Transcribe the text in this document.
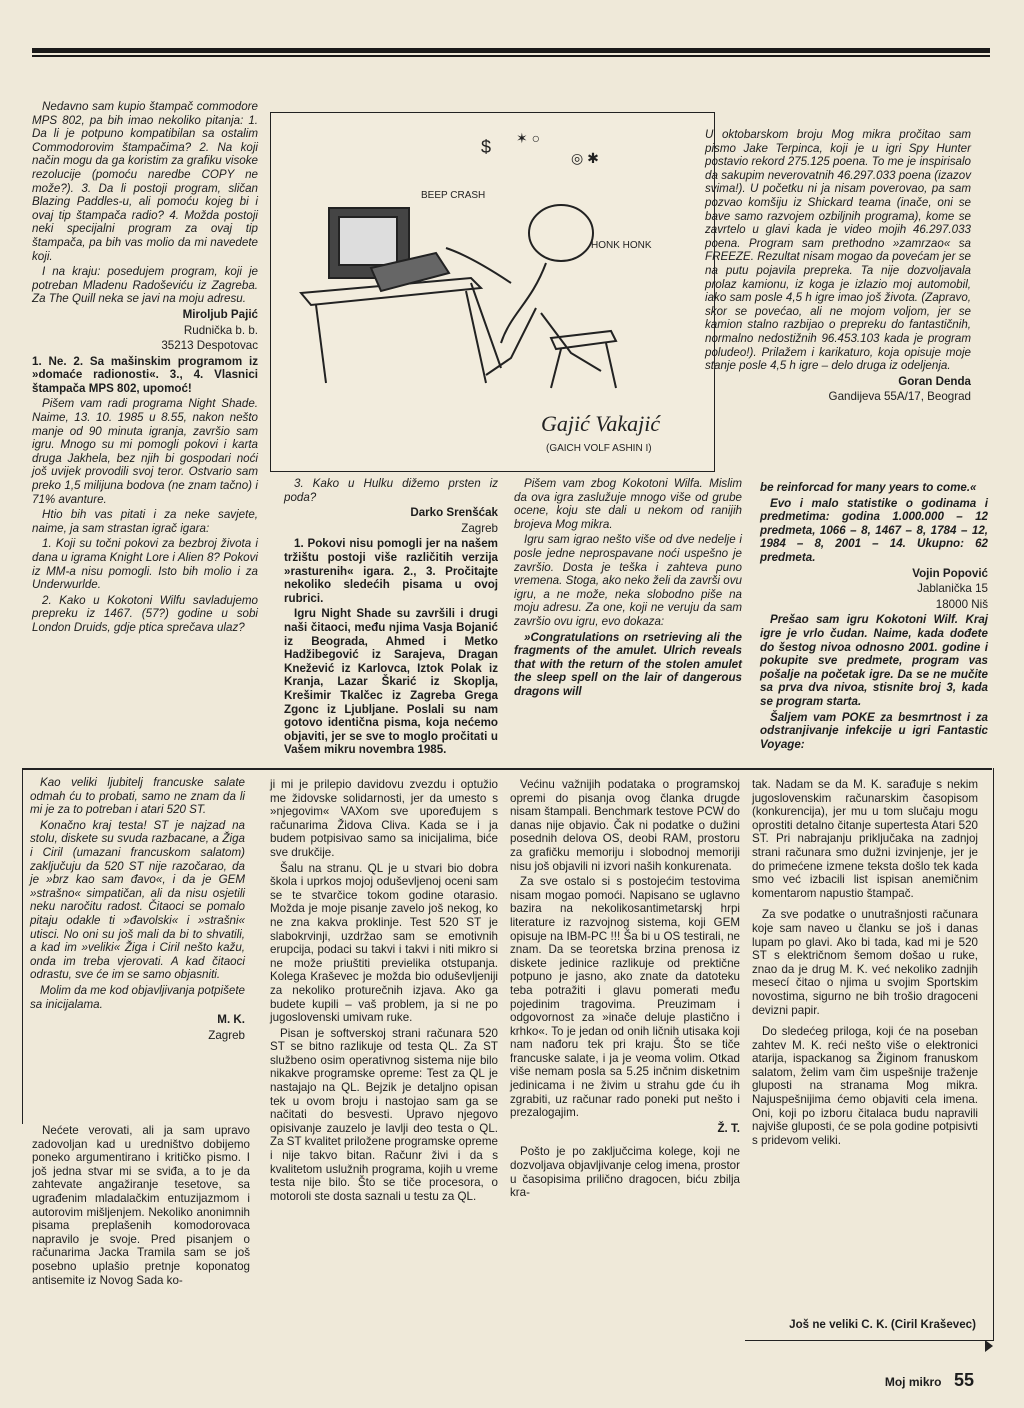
Nedavno sam kupio štampač commodore MPS 802, pa bih imao nekoliko pitanja: 1. Da li je potpuno kompatibilan sa ostalim Commodorovim štampačima? 2. Na koji način mogu da ga koristim za grafiku visoke rezolucije (pomoću naredbe COPY ne može?). 3. Da li postoji program, sličan Blazing Paddles-u, ali pomoću kojeg bi i ovaj tip štampača radio? 4. Možda postoji neki specijalni program za ovaj tip štampača, pa bih vas molio da mi navedete koji.

I na kraju: posedujem program, koji je potreban Mladenu Radoševiću iz Zagreba. Za The Quill neka se javi na moju adresu.

Miroljub Pajić

Rudnička b. b.

35213 Despotovac

1. Ne. 2. Sa mašinskim programom iz »domaće radionosti«. 3., 4. Vlasnici štampača MPS 802, upomoć!

Pišem vam radi programa Night Shade. Naime, 13. 10. 1985 u 8.55, nakon nešto manje od 90 minuta igranja, završio sam igru. Mnogo su mi pomogli pokovi i karta druga Jakhela, bez njih bi gospodari noći još uvijek provodili svoj teror. Ostvario sam preko 1,5 milijuna bodova (ne znam tačno) i 71% avanture.

Htio bih vas pitati i za neke savjete, naime, ja sam strastan igrač igara:

1. Koji su točni pokovi za bezbroj života i dana u igrama Knight Lore i Alien 8? Pokovi iz MM-a nisu pomogli. Isto bih molio i za Underwurlde.

2. Kako u Kokotoni Wilfu savladujemo prepreku iz 1467. (57?) godine u sobi London Druids, gdje ptica sprečava ulaz?

$ ✶ ○
◎ ✱
BEEP CRASH
HONK HONK
Gajić Vakajić
(GAICH VOLF ASHIN I)

U oktobarskom broju Mog mikra pročitao sam pismo Jake Terpinca, koji je u igri Spy Hunter postavio rekord 275.125 poena. To me je inspirisalo da sakupim neverovatnih 46.297.033 poena (izazov svima!). U početku ni ja nisam poverovao, pa sam pozvao komšiju iz Shickard teama (inače, oni se bave samo razvojem ozbiljnih programa), kome se zavrtelo u glavi kada je video mojih 46.297.033 poena. Program sam prethodno »zamrzao« sa FREEZE. Rezultat nisam mogao da povećam jer se na putu pojavila prepreka. Ta nije dozvoljavala prolaz kamionu, iz koga je izlazio moj automobil, iako sam posle 4,5 h igre imao još života. (Zapravo, skor se povećao, ali ne mojom voljom, jer se kamion stalno razbijao o prepreku do fantastičnih, normalno nedostižnih 96.453.103 kada je program poludeo!). Prilažem i karikaturo, koja opisuje moje stanje posle 4,5 h igre – delo druga iz odeljenja.

Goran Denda

Gandijeva 55A/17, Beograd

3. Kako u Hulku dižemo prsten iz poda?

Darko Srenšćak

Zagreb

1. Pokovi nisu pomogli jer na našem tržištu postoji više različitih verzija »rasturenih« igara. 2., 3. Pročitajte nekoliko sledećih pisama u ovoj rubrici.

Igru Night Shade su završili i drugi naši čitaoci, među njima Vasja Bojanić iz Beograda, Ahmed i Metko Hadžibegović iz Sarajeva, Dragan Knežević iz Karlovca, Iztok Polak iz Kranja, Lazar Škarić iz Skoplja, Krešimir Tkalčec iz Zagreba Grega Zgonc iz Ljubljane. Poslali su nam gotovo identična pisma, koja nećemo objaviti, jer se sve to moglo pročitati u Vašem mikru novembra 1985.

Pišem vam zbog Kokotoni Wilfa. Mislim da ova igra zaslužuje mnogo više od grube ocene, koju ste dali u nekom od ranijih brojeva Mog mikra.

Igru sam igrao nešto više od dve nedelje i posle jedne neprospavane noći uspešno je završio. Dosta je teška i zahteva puno vremena. Stoga, ako neko želi da završi ovu igru, a ne može, neka slobodno piše na moju adresu. Za one, koji ne veruju da sam završio ovu igru, evo dokaza:

»Congratulations on rsetrieving ali the fragments of the amulet. Ulrich reveals that with the return of the stolen amulet the sleep spell on the lair of dangerous dragons will

be reinforcad for many years to come.«

Evo i malo statistike o godinama i predmetima: godina 1.000.000 – 12 predmeta, 1066 – 8, 1467 – 8, 1784 – 12, 1984 – 8, 2001 – 14. Ukupno: 62 predmeta.

Vojin Popović

Jablanička 15

18000 Niš

Prešao sam igru Kokotoni Wilf. Kraj igre je vrlo čudan. Naime, kada dođete do šestog nivoa odnosno 2001. godine i pokupite sve predmete, program vas pošalje na početak igre. Da se ne mučite sa prva dva nivoa, stisnite broj 3, kada se program starta.

Šaljem vam POKE za besmrtnost i za odstranjivanje infekcije u igri Fantastic Voyage:

Kao veliki ljubitelj francuske salate odmah ću to probati, samo ne znam da li mi je za to potreban i atari 520 ST.

Konačno kraj testa! ST je najzad na stolu, diskete su svuda razbacane, a Žiga i Ciril (umazani francuskom salatom) zaključuju da 520 ST nije razočarao, da je »brz kao sam đavo«, i da je GEM »strašno« simpatičan, ali da nisu osjetili neku naročitu radost. Čitaoci se pomalo pitaju odakle ti »đavolski« i »strašni« utisci. No oni su još mali da bi to shvatili, a kad im »veliki« Žiga i Ciril nešto kažu, onda im treba vjerovati. A kad čitaoci odrastu, sve će im se samo objasniti.

Molim da me kod objavljivanja potpišete sa inicijalama.

M. K.

Zagreb

Nećete verovati, ali ja sam upravo zadovoljan kad u uredništvo dobijemo poneko argumentirano i kritičko pismo. I još jedna stvar mi se sviđa, a to je da zahtevate angažiranje tesetove, sa ugrađenim mladalačkim entuzijazmom i autorovim mišljenjem. Nekoliko anonimnih pisama preplašenih komodorovaca napravilo je svoje. Pred pisanjem o računarima Jacka Tramila sam se još posebno uplašio pretnje koponatog antisemite iz Novog Sada ko-

ji mi je prilepio davidovu zvezdu i optužio me židovske solidarnosti, jer da umesto s »njegovim« VAXom sve upoređujem s računarima Židova Cliva. Kada se i ja budem potpisivao samo sa inicijalima, biće sve drukčije.

Šalu na stranu. QL je u stvari bio dobra škola i uprkos mojoj oduševljenoj oceni sam se te stvarčice tokom godine otarasio. Možda je moje pisanje zavelo još nekog, ko ne zna kakva proklinje. Test 520 ST je slabokrvinji, uzdržao sam se emotivnih erupcija, podaci su takvi i takvi i niti mikro si ne može priuštiti previelika otstupanja. Kolega Kraševec je možda bio oduševljeniji za nekoliko proturečnih izjava. Ako ga budete kupili – vaš problem, ja si ne po jugoslovenski umivam ruke.

Pisan je softverskoj strani računara 520 ST se bitno razlikuje od testa QL. Za ST službeno osim operativnog sistema nije bilo nikakve programske opreme: Test za QL je nastajajo na QL. Bejzik je detaljno opisan tek u ovom broju i nastojao sam ga se načitati do besvesti. Upravo njegovo opisivanje zauzelo je lavlji deo testa o QL. Za ST kvalitet priložene programske opreme i nije takvo bitan. Računr živi i da s kvalitetom uslužnih programa, kojih u vreme testa nije bilo. Što se tiče procesora, o motoroli ste dosta saznali u testu za QL.

Većinu važnijih podataka o programskoj opremi do pisanja ovog članka drugde nisam štampali. Benchmark testove PCW do danas nije objavio. Čak ni podatke o dužini posednih delova OS, deobi RAM, prostoru za grafičku memoriju i slobodnoj memoriji nisu još objavili ni izvori naših konkurenata.

Za sve ostalo si s postojećim testovima nisam mogao pomoći. Napisano se uglavno bazira na nekolikosantimetarskj hrpi literature iz razvojnog sistema, koji GEM opisuje na IBM-PC !!! Ša bi u OS testirali, ne znam. Da se teoretska brzina prenosa iz diskete jedinice razlikuje od prektične potpuno je jasno, ako znate da datoteku teba potražiti i glavu pomerati među pojedinim tragovima. Preuzimam i odgovornost za »inače deluje plastično i krhko«. To je jedan od onih ličnih utisaka koji nam nađoru tek pri kraju. Što se tiče francuske salate, i ja je veoma volim. Otkad više nemam posla sa 5.25 inčnim disketnim jedinicama i ne živim u strahu gde ću ih zgrabiti, uz računar rado poneki put nešto i prezalogajim.

Ž. T.

Pošto je po zaključcima kolege, koji ne dozvoljava objavljivanje celog imena, prostor u časopisima prilično dragocen, biću zbilja kra-

tak. Nadam se da M. K. sarađuje s nekim jugoslovenskim računarskim časopisom (konkurencija), jer mu u tom slučaju mogu oprostiti detalno čitanje supertesta Atari 520 ST. Pri nabrajanju priključaka na zadnjoj strani računara smo dužni izvinjenje, jer je do primećene izmene teksta došlo tek kada smo već izbacili list ispisan anemičnim komentarom napustio štampač.

Za sve podatke o unutrašnjosti računara koje sam naveo u članku se još i danas lupam po glavi. Ako bi tada, kad mi je 520 ST s električnom šemom došao u ruke, znao da je drug M. K. već nekoliko zadnjih mesecí čitao o njima u svojim Sportskim novostima, sigurno ne bih trošio dragoceni devizni papir.

Do sledećeg priloga, koji će na poseban zahtev M. K. reći nešto više o elektronici atarija, ispackanog sa Žiginom franuskom salatom, želim vam čim uspešnije traženje gluposti na stranama Mog mikra. Najuspešnijima ćemo objaviti cela imena. Oni, koji po izboru čitalaca budu napravili najviše gluposti, će se pola godine potpisivti s pridevom veliki.

Još ne veliki C. K. (Ciril Kraševec)
Moj mikro 55
